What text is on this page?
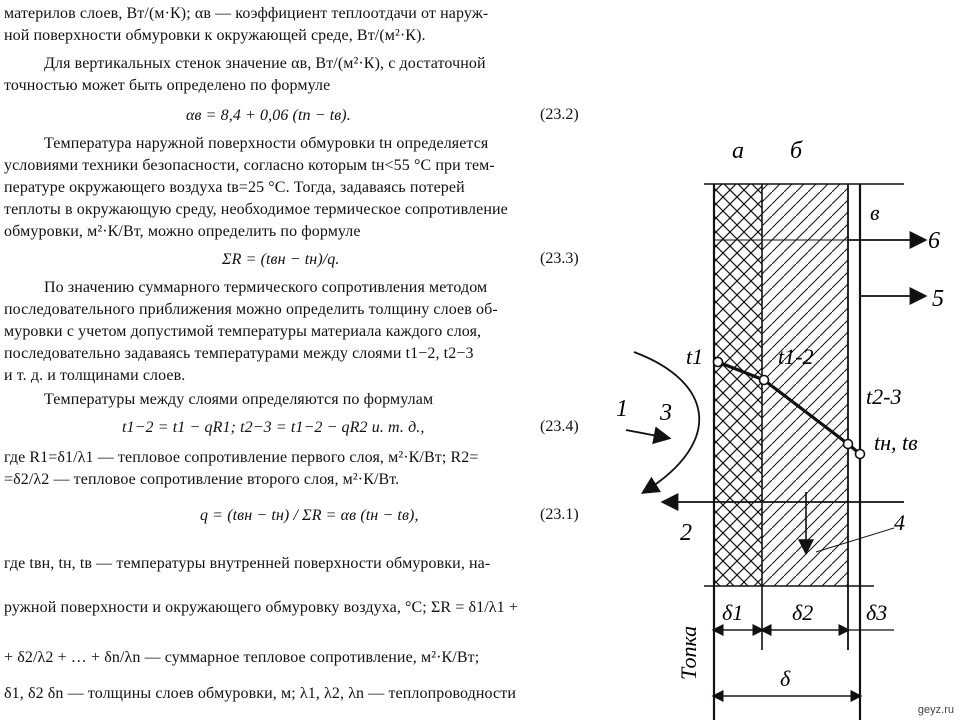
материлов слоев, Вт/(м·К); αв — коэффициент теплоотдачи от наруж-
ной поверхности обмуровки к окружающей среде, Вт/(м²·К).
Для вертикальных стенок значение αв, Вт/(м²·К), с достаточной
точностью может быть определено по формуле
αв = 8,4 + 0,06 (tп − tв).	(23.2)
Температура наружной поверхности обмуровки tн определяется
условиями техники безопасности, согласно которым tн<55 °С при тем-
пературе окружающего воздуха tв=25 °С. Тогда, задаваясь потерей
теплоты в окружающую среду, необходимое термическое сопротивление
обмуровки, м²·К/Вт, можно определить по формуле
ΣR = (tвн − tн)/q.	(23.3)
По значению суммарного термического сопротивления методом
последовательного приближения можно определить толщину слоев об-
муровки с учетом допустимой температуры материала каждого слоя,
последовательно задаваясь температурами между слоями t1−2, t2−3
и т. д. и толщинами слоев.
Температуры между слоями определяются по формулам
t1−2 = t1 − qR1; t2−3 = t1−2 − qR2 и. т. д.,	(23.4)
где R1=δ1/λ1 — тепловое сопротивление первого слоя, м²·К/Вт; R2=
=δ2/λ2 — тепловое сопротивление второго слоя, м²·К/Вт.
q = (tвн − tн) / ΣR = αв (tн − tв),	(23.1)
где tвн, tн, tв — температуры внутренней поверхности обмуровки, на-
ружной поверхности и окружающего обмуровку воздуха, °С; ΣR = δ1/λ1 +
+ δ2/λ2 + … + δn/λn — суммарное тепловое сопротивление, м²·К/Вт;
δ1, δ2 δn — толщины слоев обмуровки, м; λ1, λ2, λn — теплопроводности
а б
в
6
5
1 3
2	4
t1	t1-2
t2-3
tн, tв
δ1 δ2 δ3
δ
Топка
geyz.ru
